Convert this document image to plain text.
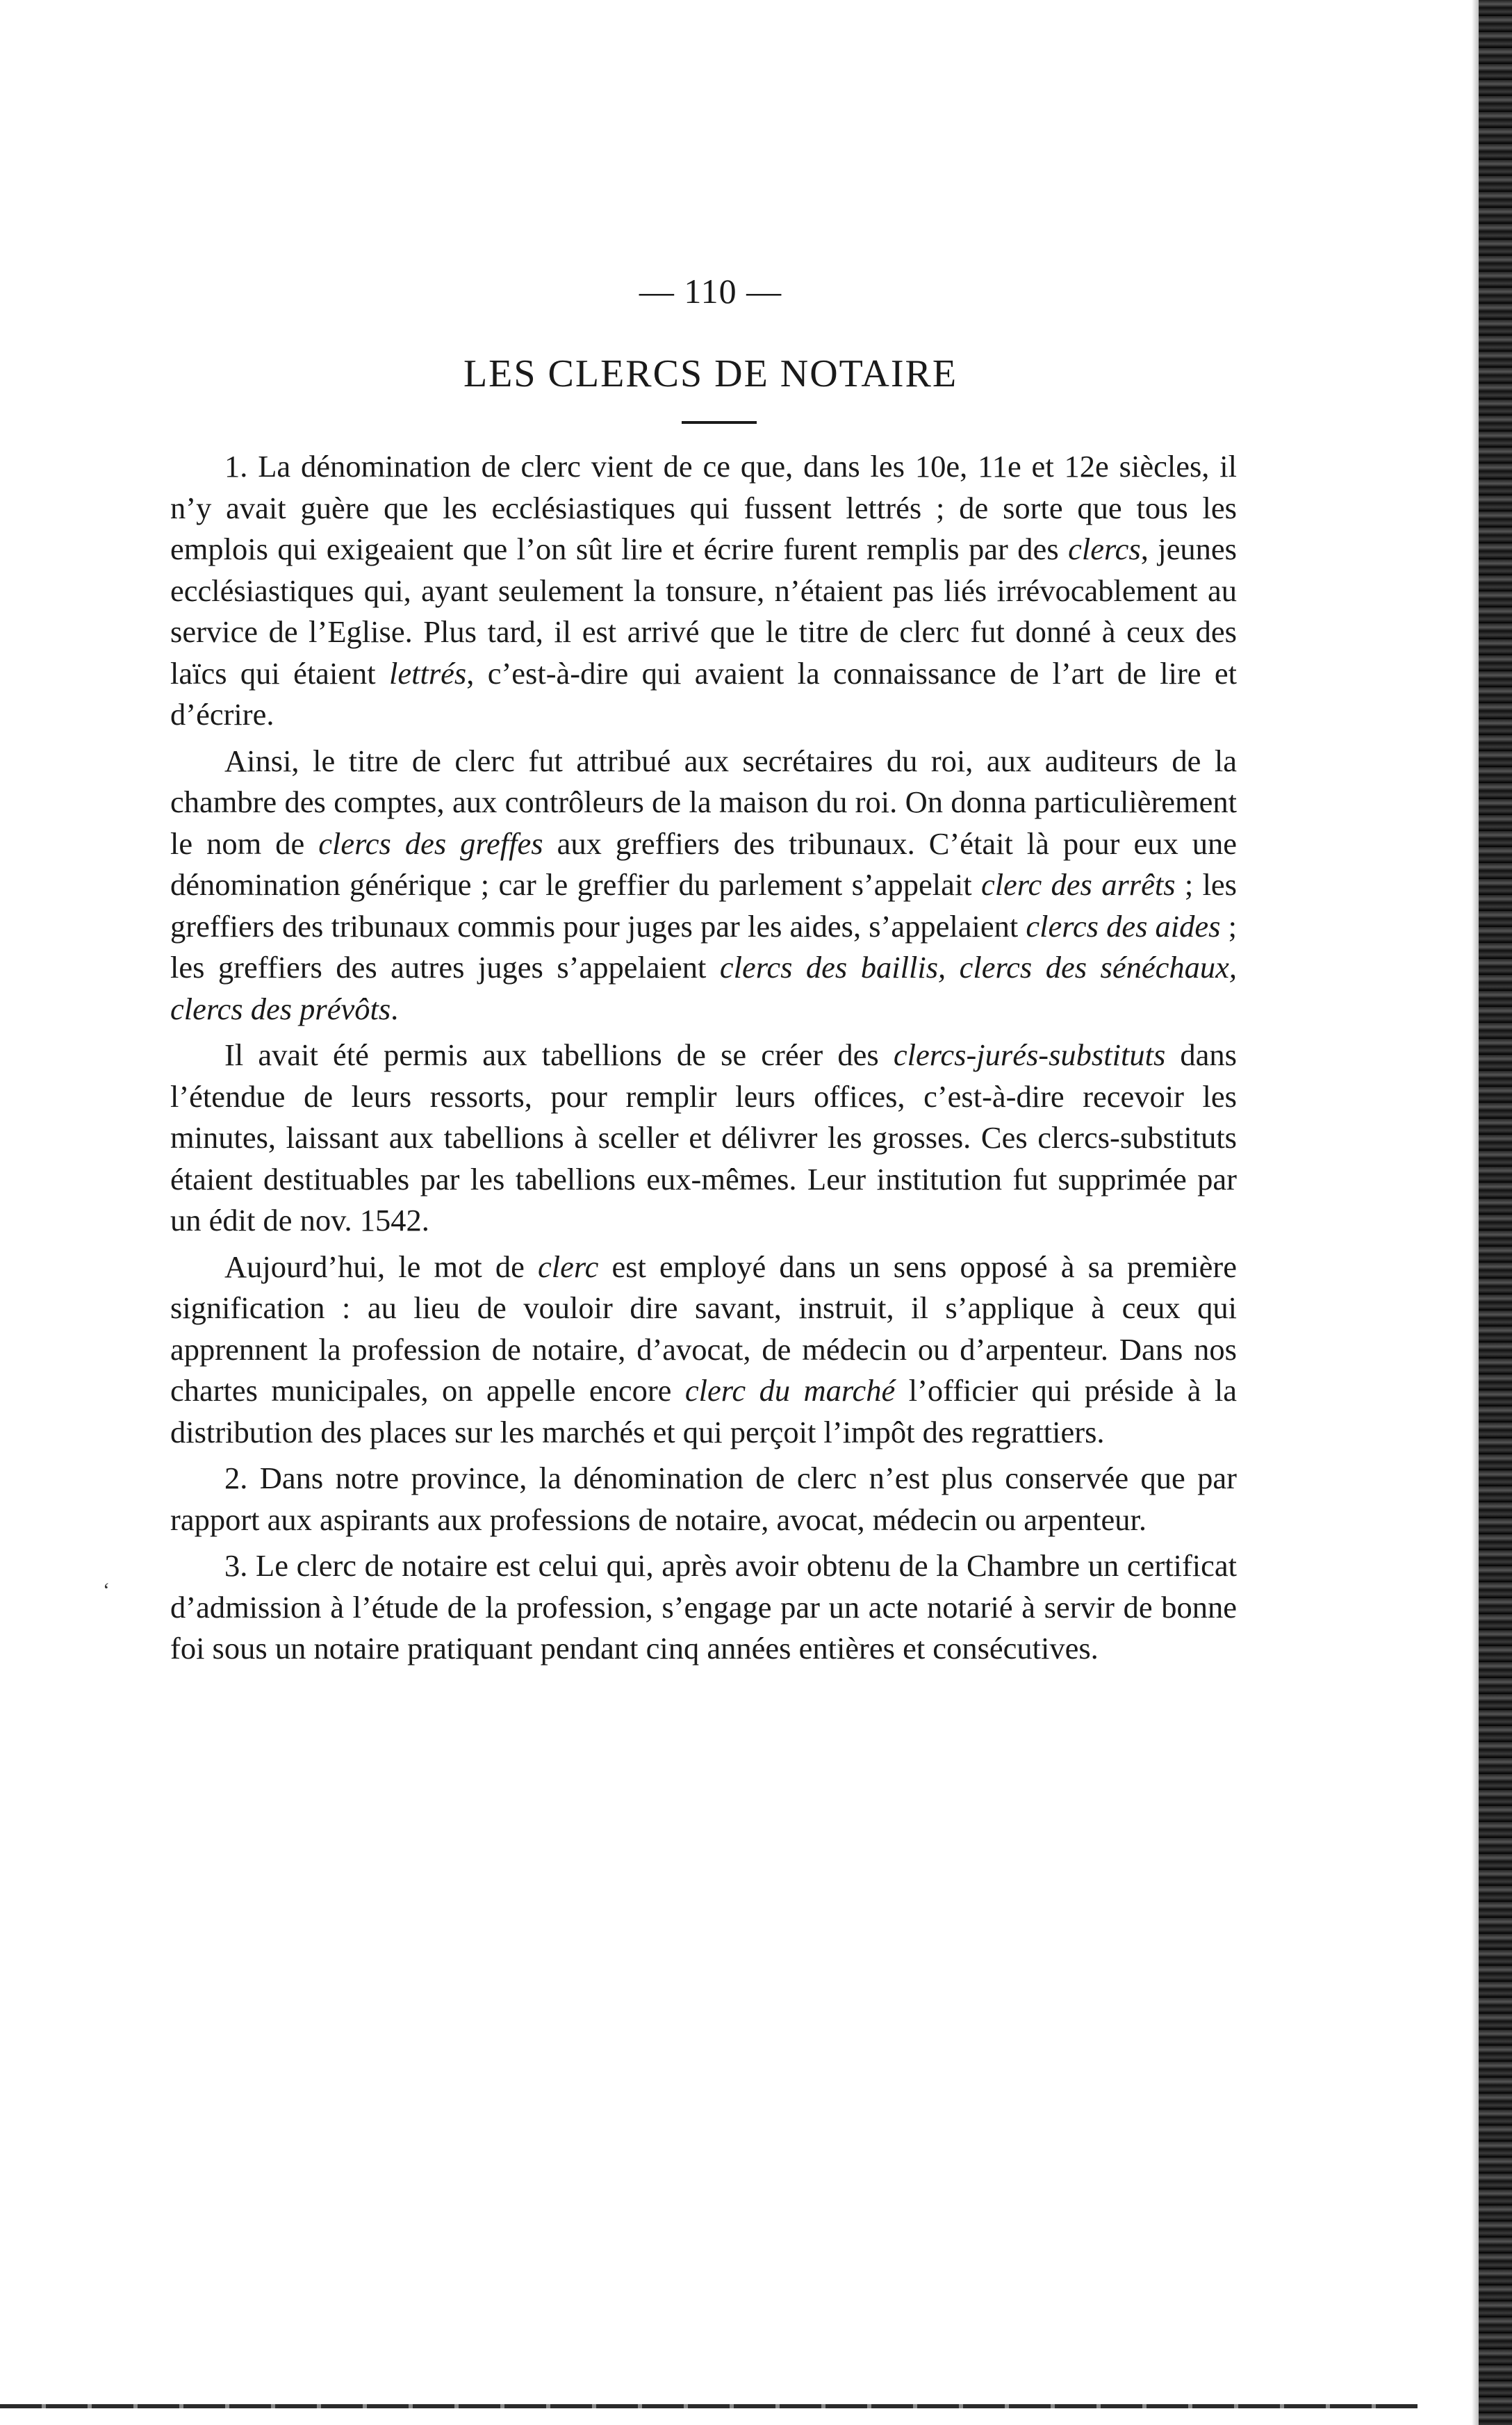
‘
— 110 —
LES CLERCS DE NOTAIRE

1. La dénomination de clerc vient de ce que, dans les 10e, 11e et 12e siècles, il n’y avait guère que les ecclésiastiques qui fussent lettrés ; de sorte que tous les emplois qui exigeaient que l’on sût lire et écrire furent remplis par des clercs, jeunes ecclésiastiques qui, ayant seulement la tonsure, n’étaient pas liés irrévocablement au service de l’Eglise. Plus tard, il est arrivé que le titre de clerc fut donné à ceux des laïcs qui étaient lettrés, c’est-à-dire qui avaient la connaissance de l’art de lire et d’écrire.

Ainsi, le titre de clerc fut attribué aux secrétaires du roi, aux auditeurs de la chambre des comptes, aux contrôleurs de la maison du roi. On donna particulièrement le nom de clercs des greffes aux greffiers des tribunaux. C’était là pour eux une dénomination générique ; car le greffier du parlement s’appelait clerc des arrêts ; les greffiers des tribunaux commis pour juges par les aides, s’appelaient clercs des aides ; les greffiers des autres juges s’appelaient clercs des baillis, clercs des sénéchaux, clercs des prévôts.

Il avait été permis aux tabellions de se créer des clercs-jurés-substituts dans l’étendue de leurs ressorts, pour remplir leurs offices, c’est-à-dire recevoir les minutes, laissant aux tabellions à sceller et délivrer les grosses. Ces clercs-substituts étaient destituables par les tabellions eux-mêmes. Leur institution fut supprimée par un édit de nov. 1542.

Aujourd’hui, le mot de clerc est employé dans un sens opposé à sa première signification : au lieu de vouloir dire savant, instruit, il s’applique à ceux qui apprennent la profession de notaire, d’avocat, de médecin ou d’arpenteur. Dans nos chartes municipales, on appelle encore clerc du marché l’officier qui préside à la distribution des places sur les marchés et qui perçoit l’impôt des regrattiers.

2. Dans notre province, la dénomination de clerc n’est plus conservée que par rapport aux aspirants aux professions de notaire, avocat, médecin ou arpenteur.

3. Le clerc de notaire est celui qui, après avoir obtenu de la Chambre un certificat d’admission à l’étude de la profession, s’engage par un acte notarié à servir de bonne foi sous un notaire pratiquant pendant cinq années entières et consécutives.
